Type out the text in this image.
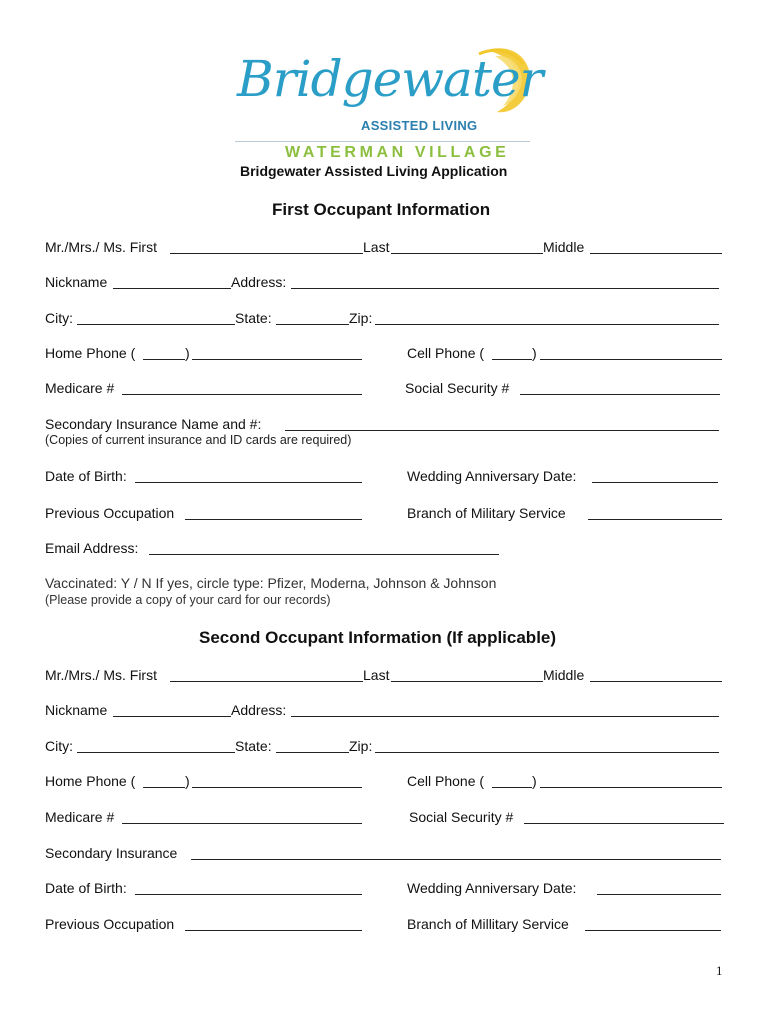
Bridgewater
ASSISTED LIVING
WATERMAN VILLAGE
Bridgewater Assisted Living Application
First Occupant Information
Mr./Mrs./ Ms. First	Last	Middle
Nickname	Address:
City:	State:	Zip:
Home Phone (	)	Cell Phone (	)
Medicare #	Social Security #
Secondary Insurance Name and #:
(Copies of current insurance and ID cards are required)
Date of Birth:	Wedding Anniversary Date:
Previous Occupation	Branch of Military Service
Email Address:
Vaccinated: Y / N If yes, circle type: Pfizer, Moderna, Johnson & Johnson
(Please provide a copy of your card for our records)
Second Occupant Information (If applicable)
Mr./Mrs./ Ms. First	Last	Middle
Nickname	Address:
City:	State:	Zip:
Home Phone (	)	Cell Phone (	)
Medicare #	Social Security #
Secondary Insurance
Date of Birth:	Wedding Anniversary Date:
Previous Occupation	Branch of Millitary Service
1
